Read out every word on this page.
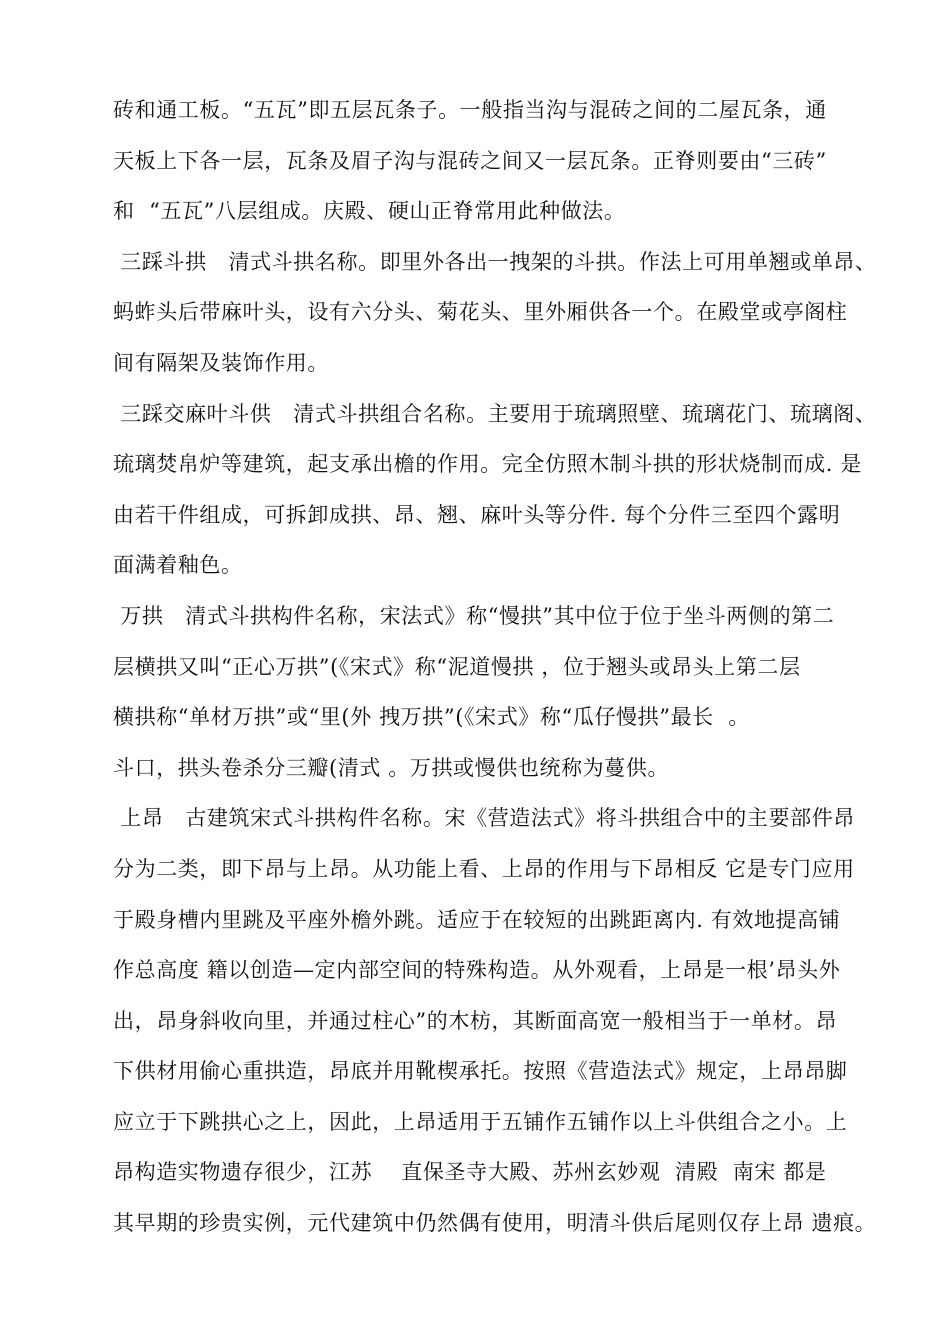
砖和通工板。“五瓦”即五层瓦条子。一般指当沟与混砖之间的二屋瓦条，通
天板上下各一层，瓦条及眉子沟与混砖之间又一层瓦条。正脊则要由“三砖”
和  “五瓦”八层组成。庆殿、硬山正脊常用此种做法。
三踩斗拱   清式斗拱名称。即里外各出一拽架的斗拱。作法上可用单翘或单昂、
蚂蚱头后带麻叶头，设有六分头、菊花头、里外厢供各一个。在殿堂或亭阁柱
间有隔架及装饰作用。
三踩交麻叶斗供   清式斗拱组合名称。主要用于琉璃照壁、琉璃花门、琉璃阁、
琉璃焚帛炉等建筑，起支承出檐的作用。完全仿照木制斗拱的形状烧制而成. 是
由若干件组成，可拆卸成拱、昂、翘、麻叶头等分件. 每个分件三至四个露明
面满着釉色。
万拱   清式斗拱构件名称，宋法式》称“慢拱”其中位于位于坐斗两侧的第二
层横拱又叫“正心万拱”(《宋式》称“泥道慢拱 ，位于翘头或昂头上第二层
横拱称“单材万拱”或“里(外 拽万拱”(《宋式》称“瓜仔慢拱”最长  。
斗口，拱头卷杀分三瓣(清式 。万拱或慢供也统称为蔓供。
上昂   古建筑宋式斗拱构件名称。宋《营造法式》将斗拱组合中的主要部件昂
分为二类，即下昂与上昂。从功能上看、上昂的作用与下昂相反 它是专门应用
于殿身槽内里跳及平座外檐外跳。适应于在较短的出跳距离内. 有效地提高铺
作总高度 籍以创造—定内部空间的特殊构造。从外观看，上昂是一根’昂头外
出，昂身斜收向里，并通过柱心”的木枋，其断面高宽一般相当于一单材。昂
下供材用偷心重拱造，昂底并用靴楔承托。按照《营造法式》规定，上昂昂脚
应立于下跳拱心之上，因此，上昂适用于五铺作五铺作以上斗供组合之小。上
昂构造实物遗存很少，江苏    直保圣寺大殿、苏州玄妙观  清殿  南宋 都是
其早期的珍贵实例，元代建筑中仍然偶有使用，明清斗供后尾则仅存上昂 遗痕。
